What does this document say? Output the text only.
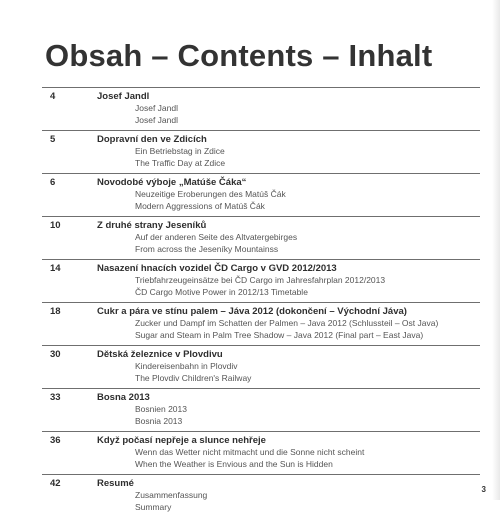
Obsah – Contents – Inhalt
4	Josef Jandl
Josef Jandl
Josef Jandl
5	Dopravní den ve Zdicích
Ein Betriebstag in Zdice
The Traffic Day at Zdice
6	Novodobé výboje „Matúše Čáka“
Neuzeitige Eroberungen des Matúš Čák
Modern Aggressions of Matúš Čák
10	Z druhé strany Jeseníků
Auf der anderen Seite des Altvatergebirges
From across the Jeseníky Mountainss
14	Nasazení hnacích vozidel ČD Cargo v GVD 2012/2013
Triebfahrzeugeinsätze bei ČD Cargo im Jahresfahrplan 2012/2013
ČD Cargo Motive Power in 2012/13 Timetable
18	Cukr a pára ve stínu palem – Jáva 2012 (dokončení – Východní Jáva)
Zucker und Dampf im Schatten der Palmen – Java 2012 (Schlussteil – Ost Java)
Sugar and Steam in Palm Tree Shadow – Java 2012 (Final part – East Java)
30	Dětská železnice v Plovdivu
Kindereisenbahn in Plovdiv
The Plovdiv Children's Railway
33	Bosna 2013
Bosnien 2013
Bosnia 2013
36	Když počasí nepřeje a slunce nehřeje
Wenn das Wetter nicht mitmacht und die Sonne nicht scheint
When the Weather is Envious and the Sun is Hidden
42	Resumé
Zusammenfassung
Summary
3
